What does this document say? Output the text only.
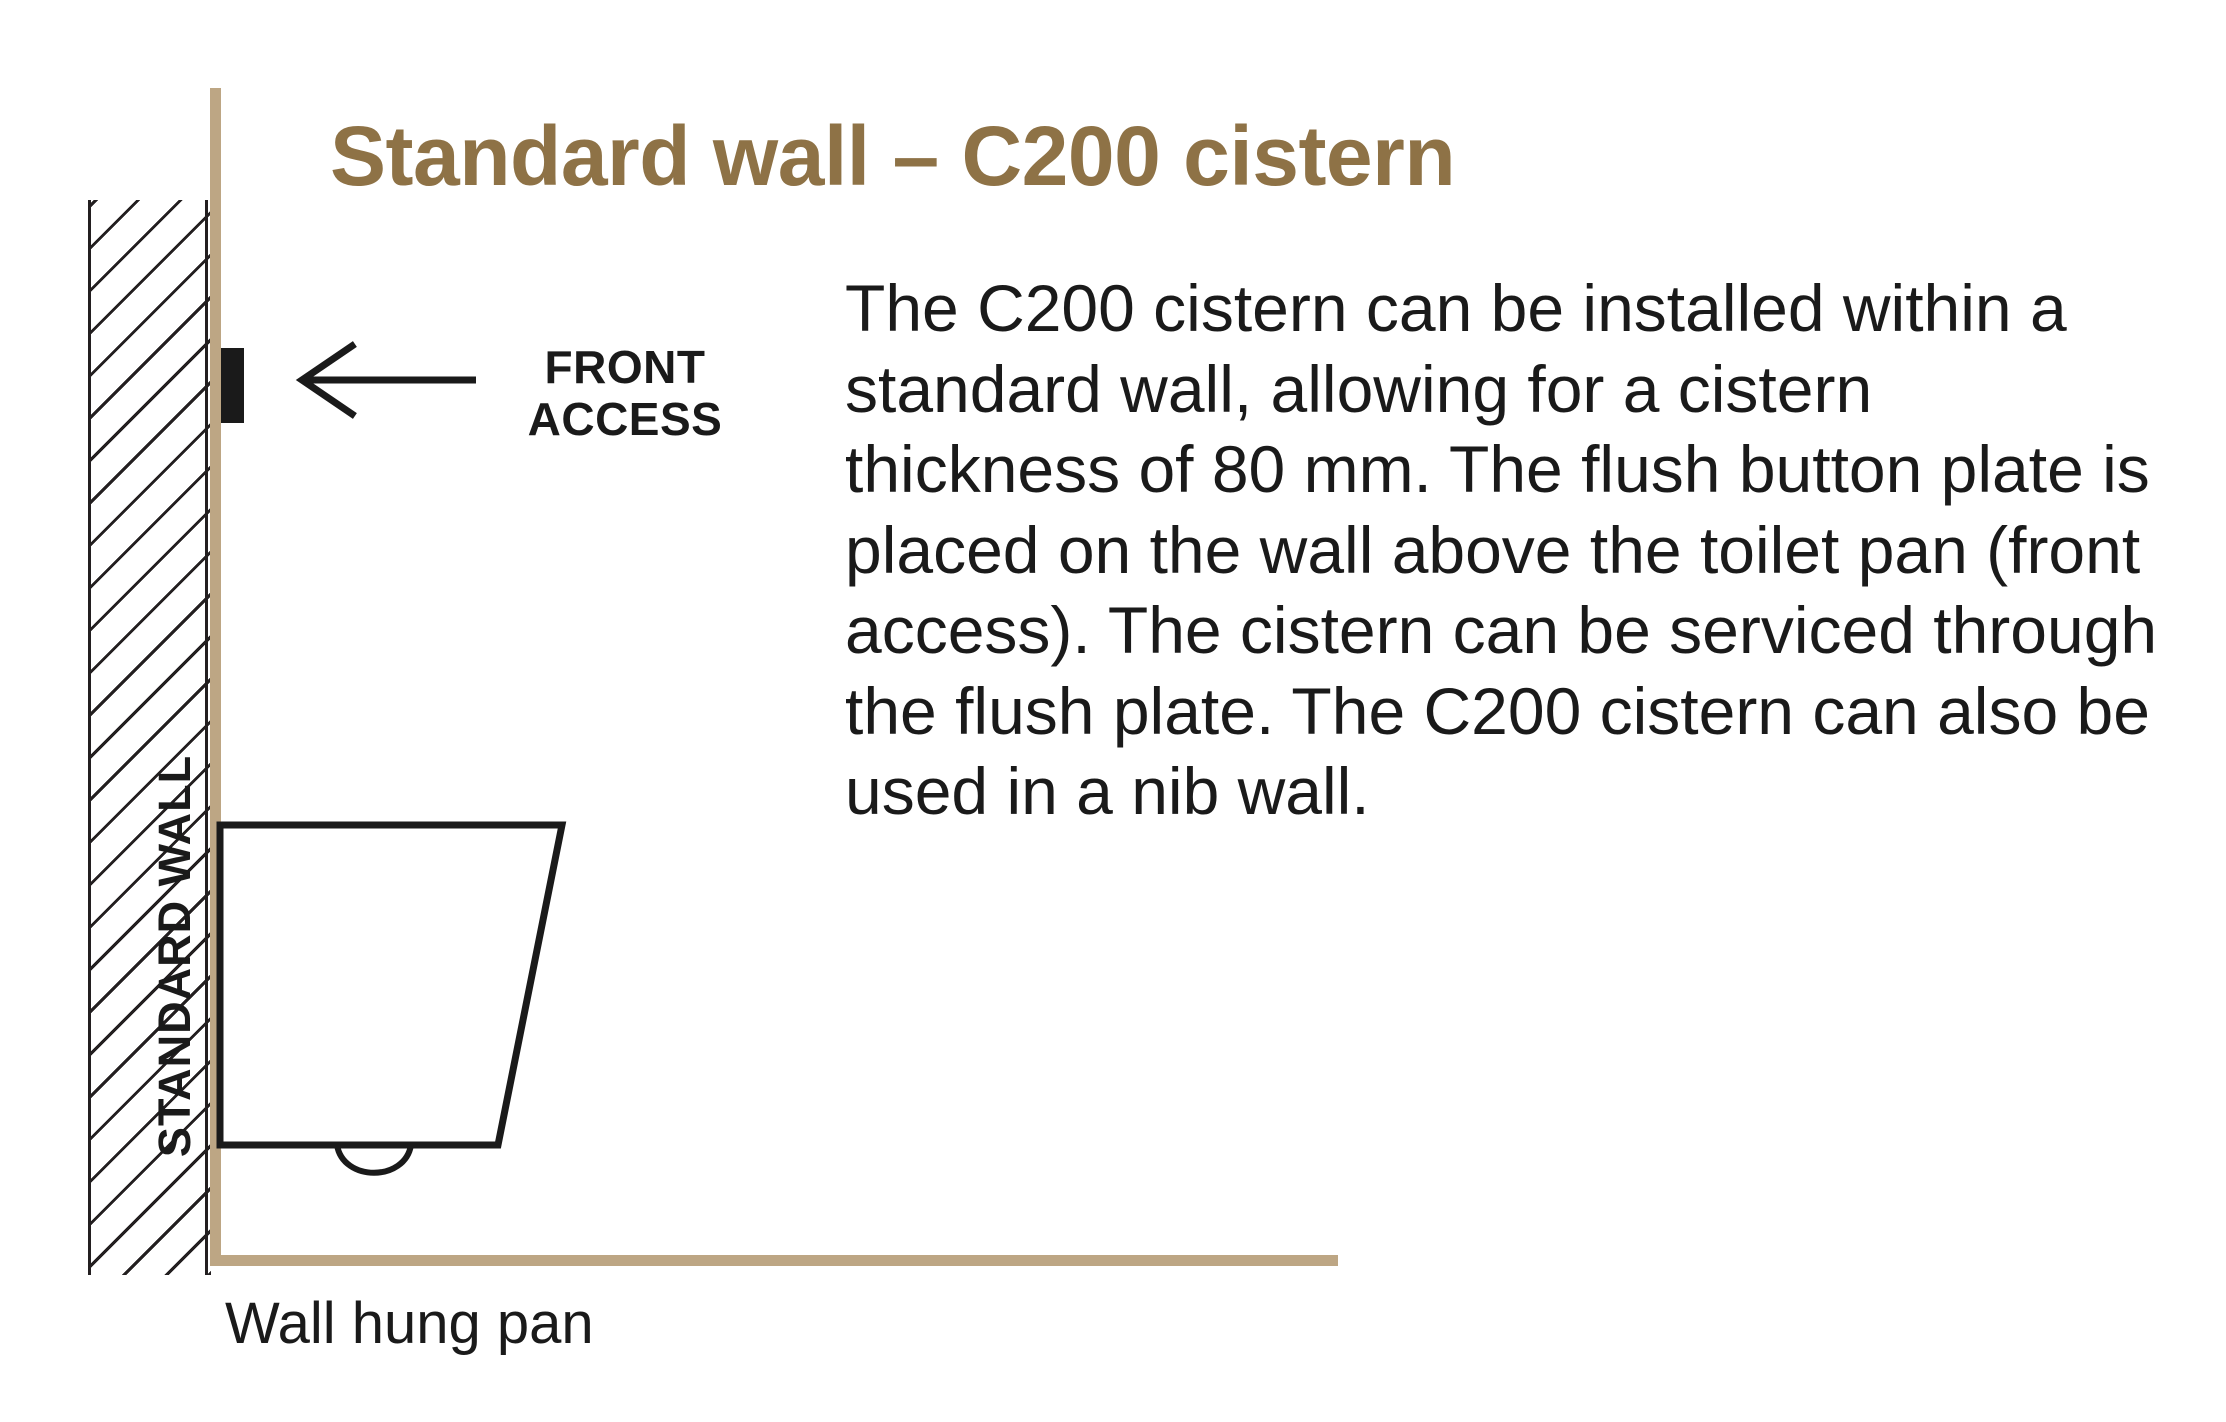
STANDARD WALL
FRONT
ACCESS
Wall hung pan
Standard wall – C200 cistern
The C200 cistern can be installed within a standard wall, allowing for a cistern thickness of 80 mm. The flush button plate is placed on the wall above the toilet pan (front access). The cistern can be serviced through the flush plate. The C200 cistern can also be used in a nib wall.
